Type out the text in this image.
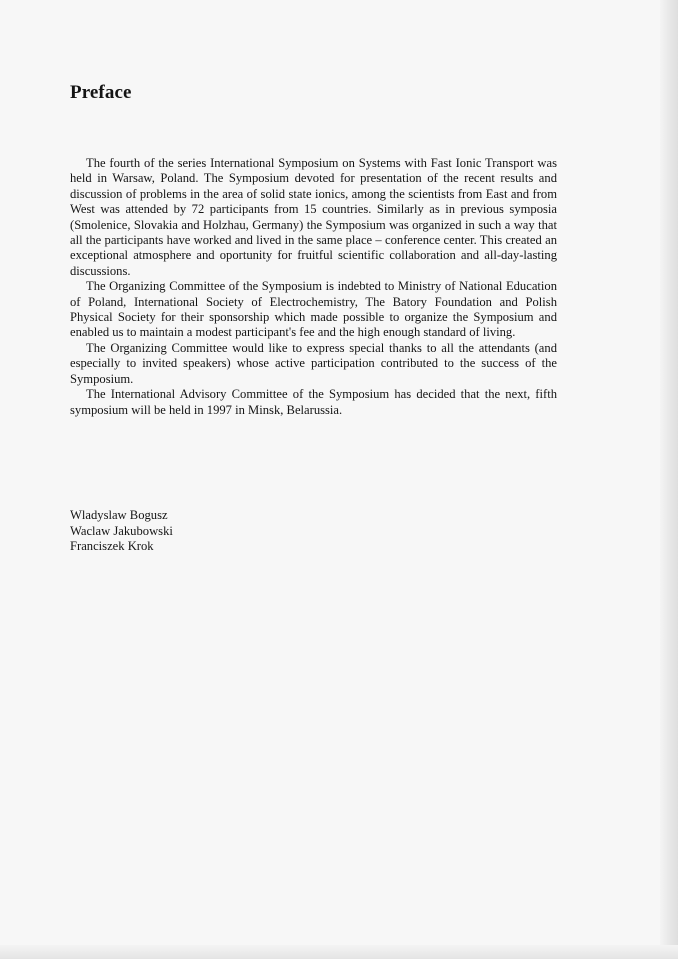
Preface

The fourth of the series International Symposium on Systems with Fast Ionic Transport was held in Warsaw, Poland. The Symposium devoted for presentation of the recent results and discussion of problems in the area of solid state ionics, among the scientists from East and from West was attended by 72 participants from 15 countries. Similarly as in previous symposia (Smolenice, Slovakia and Holzhau, Germany) the Symposium was organized in such a way that all the participants have worked and lived in the same place – conference center. This created an exceptional atmosphere and oportunity for fruitful scientific collaboration and all-day-lasting discussions.

The Organizing Committee of the Symposium is indebted to Ministry of National Education of Poland, International Society of Electrochemistry, The Batory Foundation and Polish Physical Society for their sponsorship which made possible to organize the Symposium and enabled us to maintain a modest participant's fee and the high enough standard of living.

The Organizing Committee would like to express special thanks to all the attendants (and especially to invited speakers) whose active participation contributed to the success of the Symposium.

The International Advisory Committee of the Symposium has decided that the next, fifth symposium will be held in 1997 in Minsk, Belarussia.

Wladyslaw Bogusz
Waclaw Jakubowski
Franciszek Krok
